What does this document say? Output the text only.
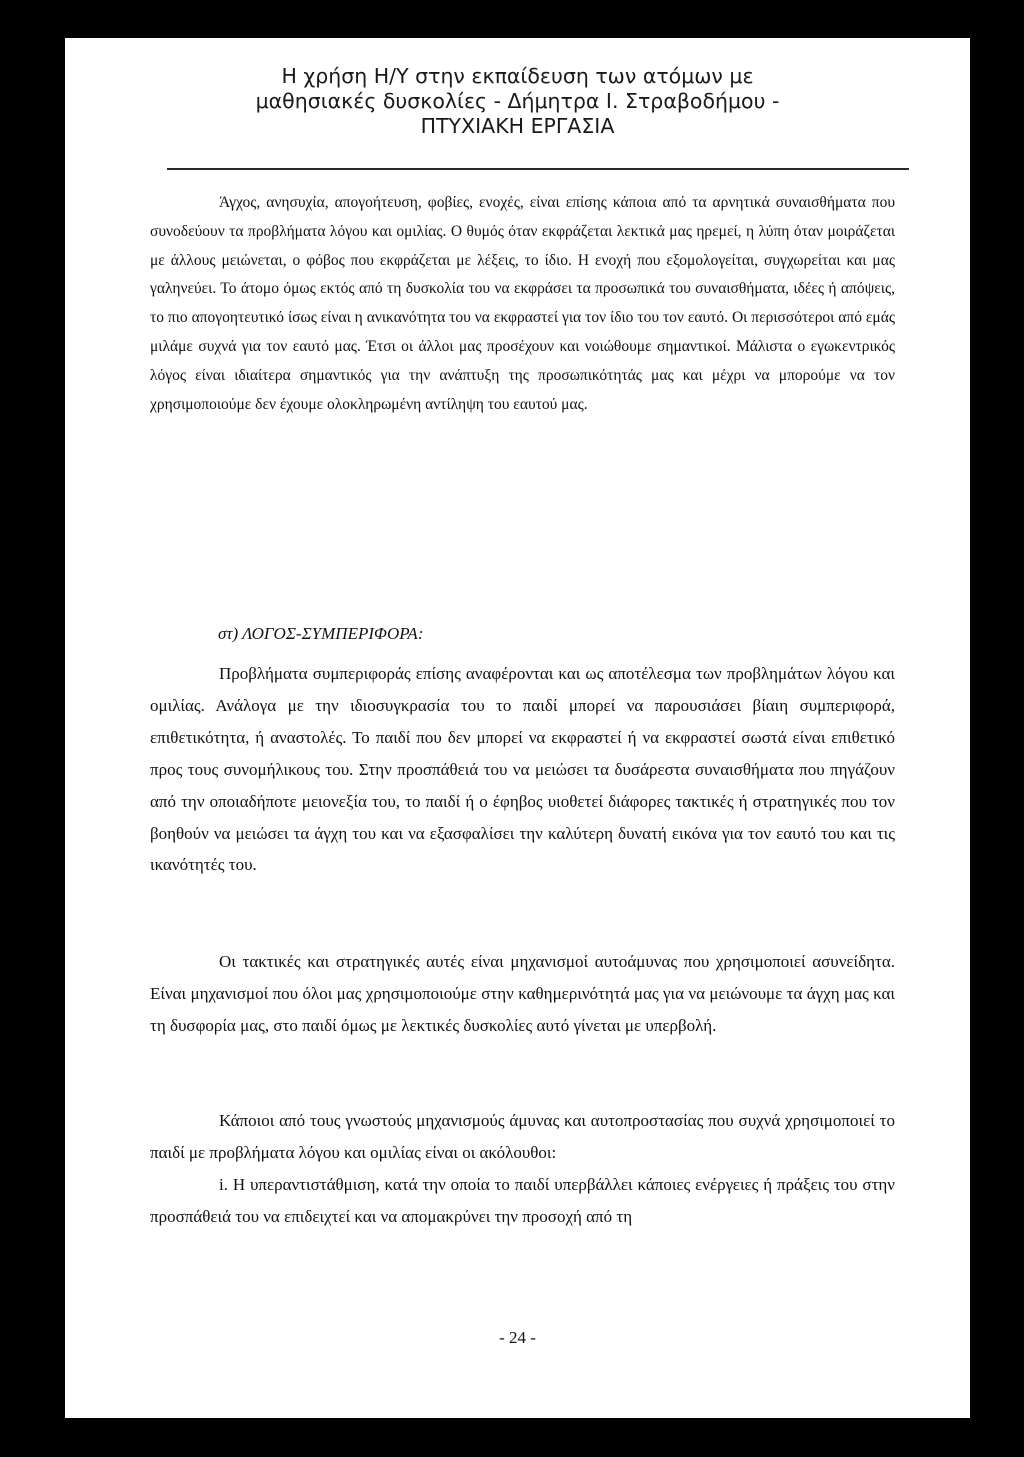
Η χρήση Η/Υ στην εκπαίδευση των ατόμων με
μαθησιακές δυσκολίες - Δήμητρα Ι. Στραβοδήμου -
ΠΤΥΧΙΑΚΗ ΕΡΓΑΣΙΑ

Άγχος, ανησυχία, απογοήτευση, φοβίες, ενοχές, είναι επίσης κάποια από τα αρνητικά συναισθήματα που συνοδεύουν τα προβλήματα λόγου και ομιλίας. Ο θυμός όταν εκφράζεται λεκτικά μας ηρεμεί, η λύπη όταν μοιράζεται με άλλους μειώνεται, ο φόβος που εκφράζεται με λέξεις, το ίδιο. Η ενοχή που εξομολογείται, συγχωρείται και μας γαληνεύει. Το άτομο όμως εκτός από τη δυσκολία του να εκφράσει τα προσωπικά του συναισθήματα, ιδέες ή απόψεις, το πιο απογοητευτικό ίσως είναι η ανικανότητα του να εκφραστεί για τον ίδιο του τον εαυτό. Οι περισσότεροι από εμάς μιλάμε συχνά για τον εαυτό μας. Έτσι οι άλλοι μας προσέχουν και νοιώθουμε σημαντικοί. Μάλιστα ο εγωκεντρικός λόγος είναι ιδιαίτερα σημαντικός για την ανάπτυξη της προσωπικότητάς μας και μέχρι να μπορούμε να τον χρησιμοποιούμε δεν έχουμε ολοκληρωμένη αντίληψη του εαυτού μας.

στ) ΛΟΓΟΣ-ΣΥΜΠΕΡΙΦΟΡΑ:

Προβλήματα συμπεριφοράς επίσης αναφέρονται και ως αποτέλεσμα των προβλημάτων λόγου και ομιλίας. Ανάλογα με την ιδιοσυγκρασία του το παιδί μπορεί να παρουσιάσει βίαιη συμπεριφορά, επιθετικότητα, ή αναστολές. Το παιδί που δεν μπορεί να εκφραστεί ή να εκφραστεί σωστά είναι επιθετικό προς τους συνομήλικους του. Στην προσπάθειά του να μειώσει τα δυσάρεστα συναισθήματα που πηγάζουν από την οποιαδήποτε μειονεξία του, το παιδί ή ο έφηβος υιοθετεί διάφορες τακτικές ή στρατηγικές που τον βοηθούν να μειώσει τα άγχη του και να εξασφαλίσει την καλύτερη δυνατή εικόνα για τον εαυτό του και τις ικανότητές του.

Οι τακτικές και στρατηγικές αυτές είναι μηχανισμοί αυτοάμυνας που χρησιμοποιεί ασυνείδητα. Είναι μηχανισμοί που όλοι μας χρησιμοποιούμε στην καθημερινότητά μας για να μειώνουμε τα άγχη μας και τη δυσφορία μας, στο παιδί όμως με λεκτικές δυσκολίες αυτό γίνεται με υπερβολή.

Κάποιοι από τους γνωστούς μηχανισμούς άμυνας και αυτοπροστασίας που συχνά χρησιμοποιεί το παιδί με προβλήματα λόγου και ομιλίας είναι οι ακόλουθοι:

i. Η υπεραντιστάθμιση, κατά την οποία το παιδί υπερβάλλει κάποιες ενέργειες ή πράξεις του στην προσπάθειά του να επιδειχτεί και να απομακρύνει την προσοχή από τη

- 24 -
